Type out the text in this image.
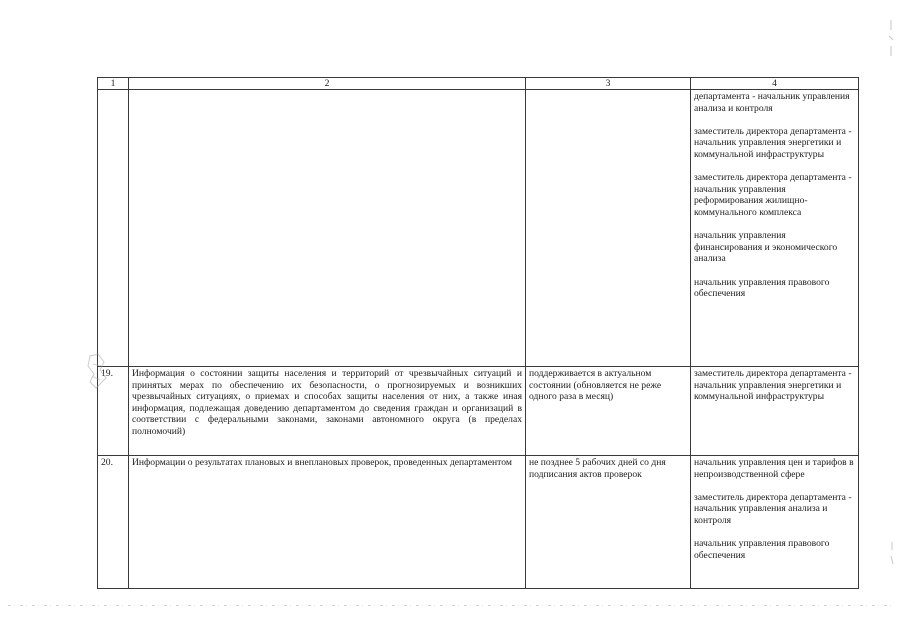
1	2	3	4

			департамента - начальник управления анализа и контроля
заместитель директора департамента - начальник управления энергетики и коммунальной инфраструктуры
заместитель директора департамента - начальник управления реформирования жилищно-коммунального комплекса
начальник управления финансирования и экономического анализа
начальник управления правового обеспечения

19.	Информация о состоянии защиты населения и территорий от чрезвычайных ситуаций и принятых мерах по обеспечению их безопасности, о прогнозируемых и возникших чрезвычайных ситуациях, о приемах и способах защиты населения от них, а также иная информация, подлежащая доведению департаментом до сведения граждан и организаций в соответствии с федеральными законами, законами автономного округа (в пределах полномочий)	поддерживается в актуальном состоянии (обновляется не реже одного раза в месяц)	заместитель директора департамента - начальник управления энергетики и коммунальной инфраструктуры

20.	Информации о результатах плановых и внеплановых проверок, проведенных департаментом	не позднее 5 рабочих дней со дня подписания актов проверок	начальник управления цен и тарифов в непроизводственной сфере
заместитель директора департамента - начальник управления анализа и контроля
начальник управления правового обеспечения
